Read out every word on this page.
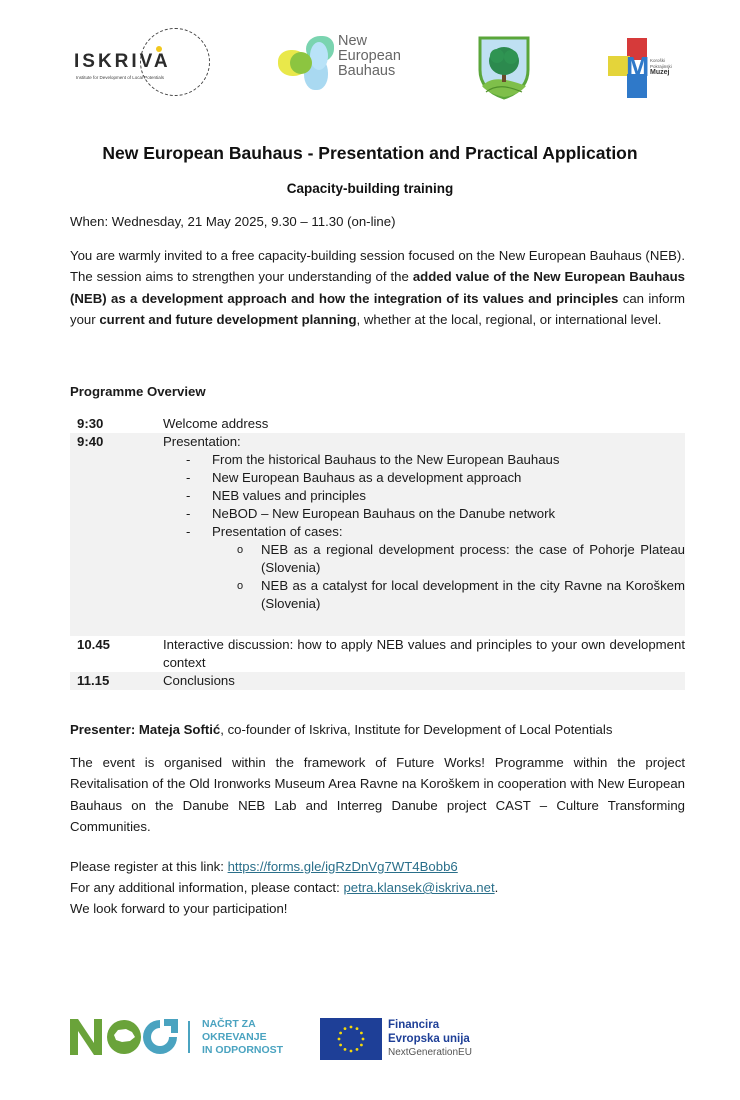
ISKRIVA
Institute for Development of Local Potentials
New
European
Bauhaus	M Koroški
Pokrajinski
Muzej
New European Bauhaus - Presentation and Practical Application
Capacity-building training

When: Wednesday, 21 May 2025, 9.30 – 11.30 (on-line)

You are warmly invited to a free capacity-building session focused on the New European Bauhaus (NEB). The session aims to strengthen your understanding of the added value of the New European Bauhaus (NEB) as a development approach and how the integration of its values and principles can inform your current and future development planning, whether at the local, regional, or international level.

Programme Overview
9:30	Welcome address
9:40	Presentation:
- From the historical Bauhaus to the New European Bauhaus
- New European Bauhaus as a development approach
- NEB values and principles
- NeBOD – New European Bauhaus on the Danube network
- Presentation of cases:
o NEB as a regional development process: the case of Pohorje Plateau (Slovenia)
o NEB as a catalyst for local development in the city Ravne na Koroškem (Slovenia)
10.45	Interactive discussion: how to apply NEB values and principles to your own development context
11.15	Conclusions

Presenter: Mateja Softić, co-founder of Iskriva, Institute for Development of Local Potentials

The event is organised within the framework of Future Works! Programme within the project Revitalisation of the Old Ironworks Museum Area Ravne na Koroškem in cooperation with New European Bauhaus on the Danube NEB Lab and Interreg Danube project CAST – Culture Transforming Communities.

Please register at this link: https://forms.gle/igRzDnVg7WT4Bobb6
For any additional information, please contact: petra.klansek@iskriva.net.
We look forward to your participation!
NAČRT ZA
OKREVANJE
IN ODPORNOST
Financira
Evropska unija
NextGenerationEU
